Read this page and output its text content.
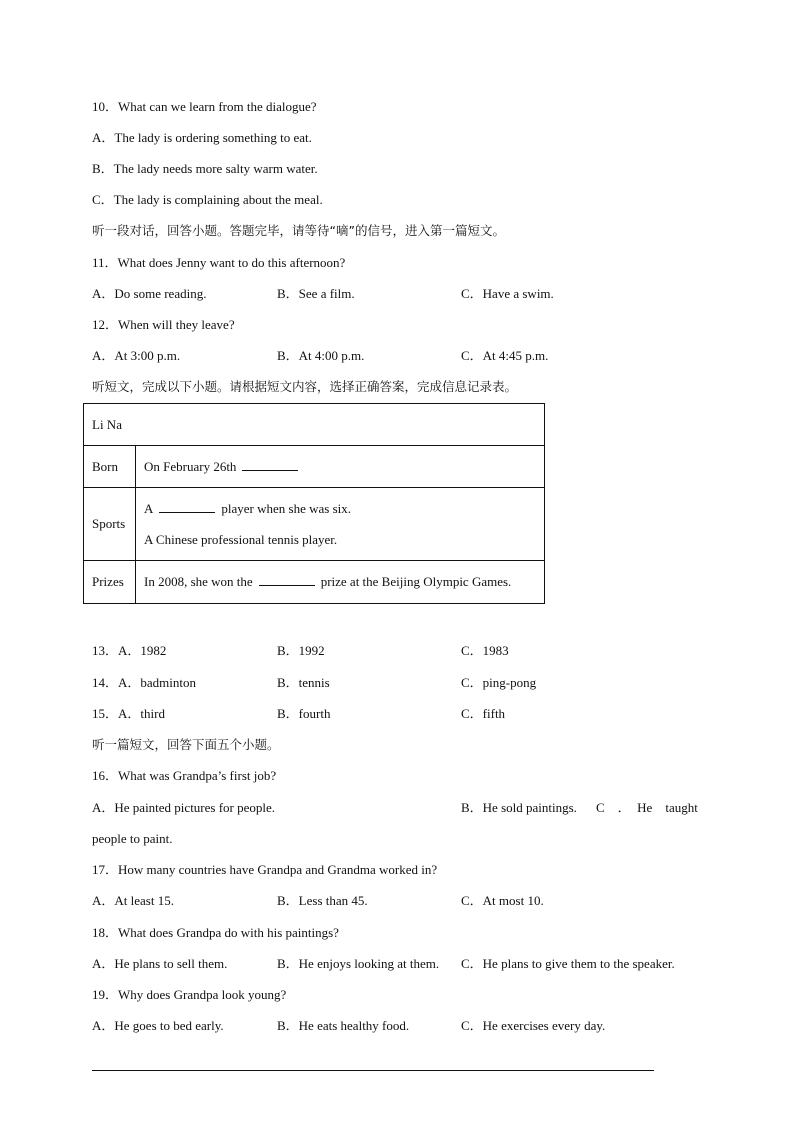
10．What can we learn from the dialogue?
A．The lady is ordering something to eat.
B．The lady needs more salty warm water.
C．The lady is complaining about the meal.
听一段对话，回答小题。答题完毕，请等待“嘀”的信号，进入第一篇短文。
11．What does Jenny want to do this afternoon?
A．Do some reading.	B．See a film.	C．Have a swim.
12．When will they leave?
A．At 3:00 p.m.	B．At 4:00 p.m.	C．At 4:45 p.m.
听短文，完成以下小题。请根据短文内容，选择正确答案，完成信息记录表。
Li Na	
Born	On February 26th
Sports	A player when she was six.
A Chinese professional tennis player.

Prizes	In 2008, she won the prize at the Beijing Olympic Games.
13．A．1982	B．1992	C．1983
14．A．badminton	B．tennis	C．ping-pong
15．A．third	B．fourth	C．fifth
听一篇短文，回答下面五个小题。
16．What was Grandpa’s first job?
A．He painted pictures for people.	B．He sold paintings. C　．　He　taught
people to paint.
17．How many countries have Grandpa and Grandma worked in?
A．At least 15.	B．Less than 45.	C．At most 10.
18．What does Grandpa do with his paintings?
A．He plans to sell them.	B．He enjoys looking at them. C．He plans to give them to the speaker.
19．Why does Grandpa look young?
A．He goes to bed early.	B．He eats healthy food.	C．He exercises every day.
